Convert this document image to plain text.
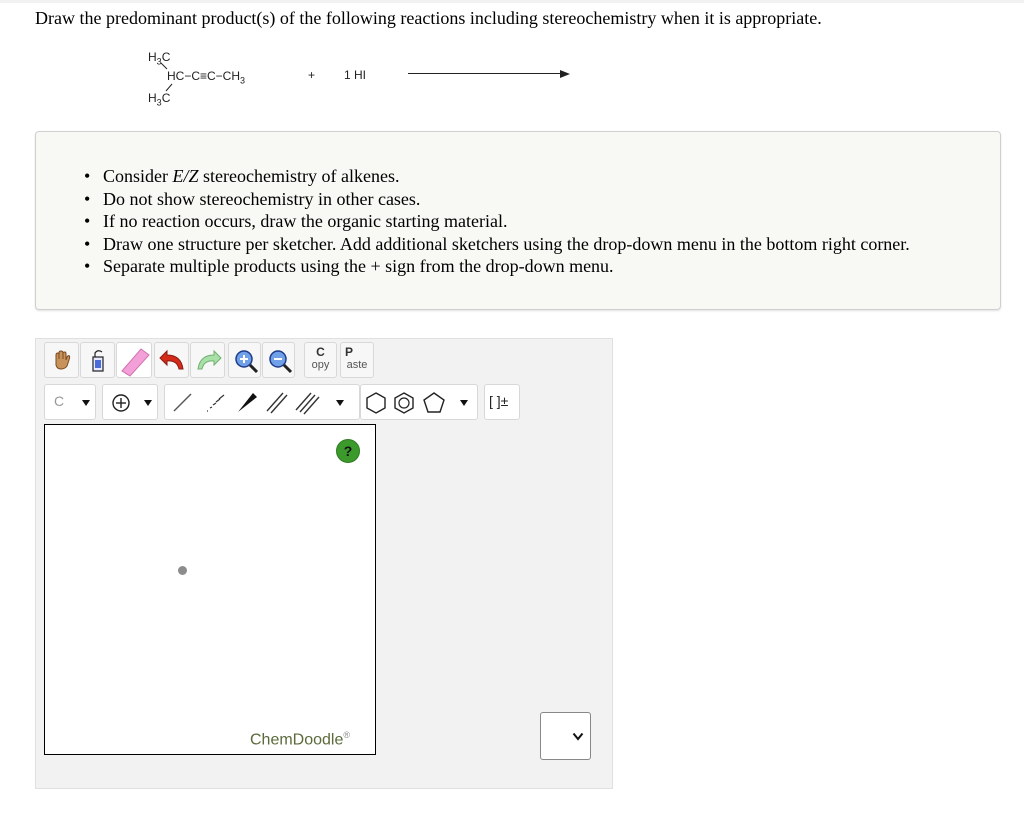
Draw the predominant product(s) of the following reactions including stereochemistry when it is appropriate.
$H_3C$
$HC-C\equiv C-CH_3$
$H_3C$
+ 1 HI
• Consider E/Z stereochemistry of alkenes.
• Do not show stereochemistry in other cases.
• If no reaction occurs, draw the organic starting material.
• Draw one structure per sketcher. Add additional sketchers using the drop-down menu in the bottom right corner.
• Separate multiple products using the + sign from the drop-down menu.
C
opy
P
aste
C	[ ]±
?
ChemDoodle®
